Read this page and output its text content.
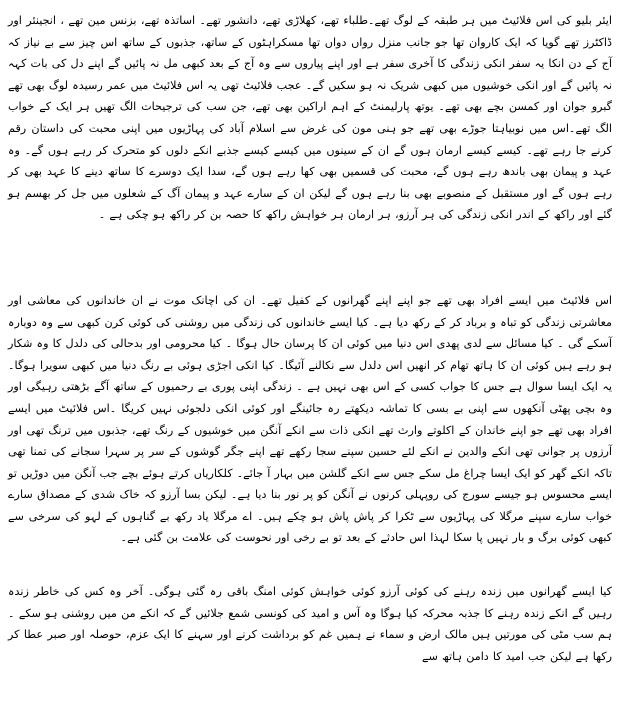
ایئر بلیو کی اس فلائیٹ میں ہر طبقہ کے لوگ تھے۔طلباء تھے، کھلاڑی تھے، دانشور تھے۔ اساتذہ تھے، بزنس مین تھے ، انجینئر اور ڈاکٹرز تھے گویا کہ ایک کاروان تھا جو جانب منزل رواں دواں تھا مسکراہٹوں کے ساتھ، جذبوں کے ساتھ اس چیز سے بے نیاز کہ آج کے دن انکا یہ سفر انکی زندگی کا آخری سفر ہے اور اپنے پیاروں سے وہ آج کے بعد کبھی مل نہ پائیں گے اپنے دل کی بات کہہ نہ پائیں گے اور انکی خوشیوں میں کبھی شریک نہ ہو سکیں گے۔ عجب فلائیٹ تھی یہ اس فلائیٹ میں عمر رسیدہ لوگ بھی تھے گبرو جوان اور کمسن بچے بھی تھے۔ یوتھ پارلیمنٹ کے اہم اراکین بھی تھے، جن سب کی ترجیحات الگ تھیں ہر ایک کے خواب الگ تھے۔اس میں نوبیاہتا جوڑے بھی تھے جو ہنی مون کی غرض سے اسلام آباد کی پہاڑیوں میں اپنی محبت کی داستان رقم کرنے جا رہے تھے۔ کیسے کیسے ارمان ہوں گے ان کے سینوں میں کیسے کیسے جذبے انکے دلوں کو متحرک کر رہے ہوں گے۔ وہ عہد و پیمان بھی باندھ رہے ہوں گے، محبت کی قسمیں بھی کھا رہے ہوں گے، سدا ایک دوسرے کا ساتھ دینے کا عہد بھی کر رہے ہوں گے اور مستقبل کے منصوبے بھی بنا رہے ہوں گے لیکن ان کے سارے عہد و پیمان آگ کے شعلوں میں جل کر بھسم ہو گئے اور راکھ کے اندر انکی زندگی کی ہر آرزو، ہر ارمان ہر خواہش راکھ کا حصہ بن کر راکھ ہو چکی ہے ۔

اس فلائیٹ میں ایسے افراد بھی تھے جو اپنے اپنے گھرانوں کے کفیل تھے۔ ان کی اچانک موت نے ان خاندانوں کی معاشی اور معاشرتی زندگی کو تباہ و برباد کر کے رکھ دیا ہے۔ کیا ایسے خاندانوں کی زندگی میں روشنی کی کوئی کرن کبھی سے وہ دوبارہ آسکے گی ۔ کیا مسائل سے لدی پھدی اس دنیا میں کوئی ان کا پرسان حال ہوگا ۔ کیا محرومی اور بدحالی کی دلدل کا وہ شکار ہو رہے ہیں کوئی ان کا ہاتھ تھام کر انھیں اس دلدل سے نکالنے آئیگا۔ کیا انکی اجڑی ہوئی بے رنگ دنیا میں کبھی سویرا ہوگا۔ یہ ایک ایسا سوال ہے جس کا جواب کسی کے اس بھی نہیں ہے ۔ زندگی اپنی پوری بے رحمیوں کے ساتھ آگے بڑھتی رہیگی اور وہ بچی پھٹی آنکھوں سے اپنی بے بسی کا تماشہ دیکھتے رہ جائینگے اور کوئی انکی دلجوئی نہیں کریگا ۔اس فلائیٹ میں ایسے افراد بھی تھے جو اپنے خاندان کے اکلوتے وارث تھے انکی ذات سے انکے آنگن میں خوشیوں کے رنگ تھے، جذبوں میں ترنگ تھی اور آرزوں پر جوانی تھی انکے والدین نے انکے لئے حسین سپنے سجا رکھے تھے اپنے جگر گوشوں کے سر پر سہرا سجانے کی تمنا تھی تاکہ انکے گھر کو ایک ایسا چراغ مل سکے جس سے انکے گلشن میں بہار آ جائے۔ کلکاریاں کرتے ہوئے بچے جب آنگن میں دوڑیں تو ایسے محسوس ہو جیسے سورج کی روپہلی کرنوں نے آنگن کو پر نور بنا دیا ہے۔ لیکن بسا آرزو کہ خاک شدی کے مصداق سارے خواب سارے سپنے مرگلا کی پہاڑیوں سے ٹکرا کر پاش پاش ہو چکے ہیں۔ اے مرگلا یاد رکھ بے گناہوں کے لہو کی سرخی سے کبھی کوئی برگ و بار نہیں پا سکا لہذا اس حادثے کے بعد تو بے رخی اور نحوست کی علامت بن گئی ہے۔

کیا ایسے گھرانوں میں زندہ رہنے کی کوئی آرزو کوئی خواہش کوئی امنگ باقی رہ گئی ہوگی۔ آخر وہ کس کی خاطر زندہ رہیں گے انکے زندہ رہنے کا جذبہ محرکہ کیا ہوگا وہ آس و امید کی کونسی شمع جلائیں گے کہ انکے من میں روشنی ہو سکے ۔ ہم سب مٹی کی مورتیں ہیں مالک ارض و سماء نے ہمیں غم کو برداشت کرنے اور سہنے کا ایک عزم، حوصلہ اور صبر عطا کر رکھا ہے لیکن جب امید کا دامن ہاتھ سے
